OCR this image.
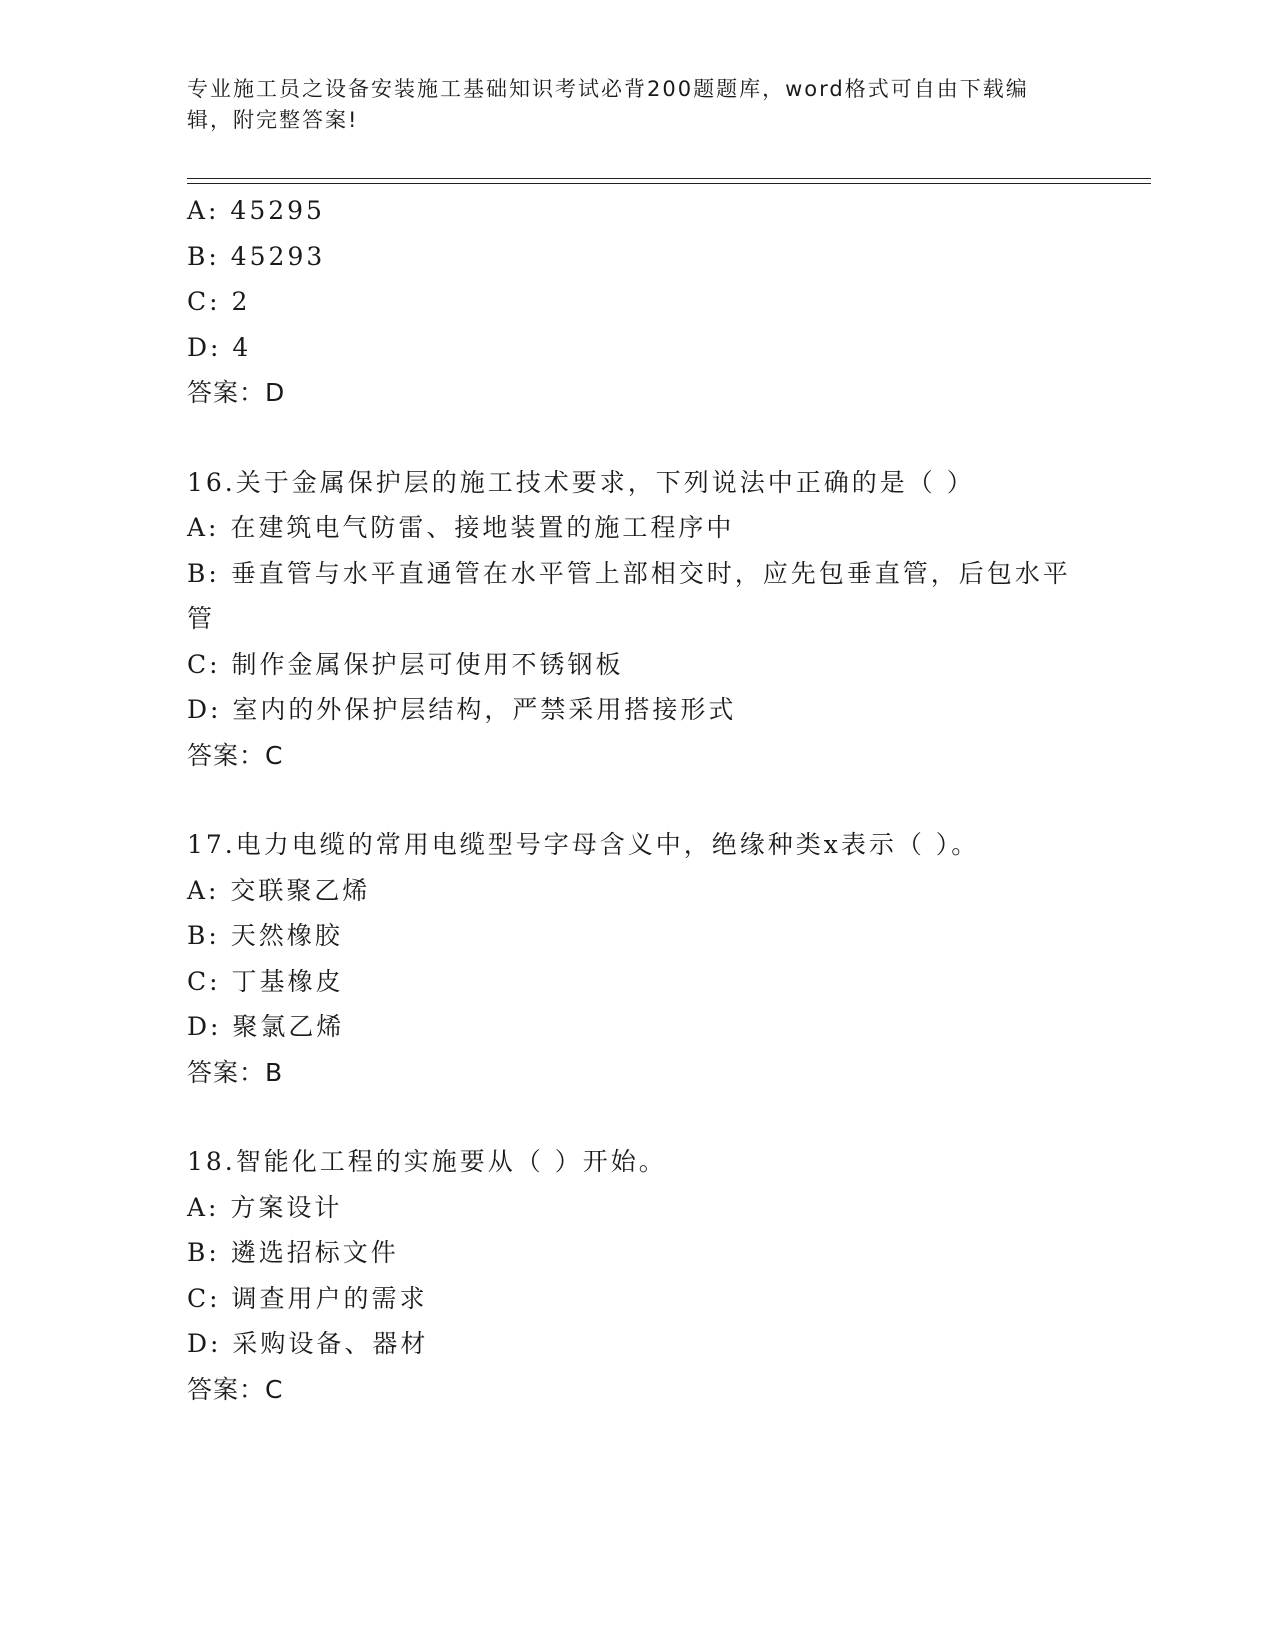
专业施工员之设备安装施工基础知识考试必背200题题库，word格式可自由下载编辑，附完整答案!
A: 45295
B: 45293
C: 2
D: 4
答案：D
16.关于金属保护层的施工技术要求，下列说法中正确的是（ ）
A: 在建筑电气防雷、接地装置的施工程序中
B: 垂直管与水平直通管在水平管上部相交时，应先包垂直管，后包水平管
C: 制作金属保护层可使用不锈钢板
D: 室内的外保护层结构，严禁采用搭接形式
答案：C
17.电力电缆的常用电缆型号字母含义中，绝缘种类x表示（ ）。
A: 交联聚乙烯
B: 天然橡胶
C: 丁基橡皮
D: 聚氯乙烯
答案：B
18.智能化工程的实施要从（ ）开始。
A: 方案设计
B: 遴选招标文件
C: 调查用户的需求
D: 采购设备、器材
答案：C
